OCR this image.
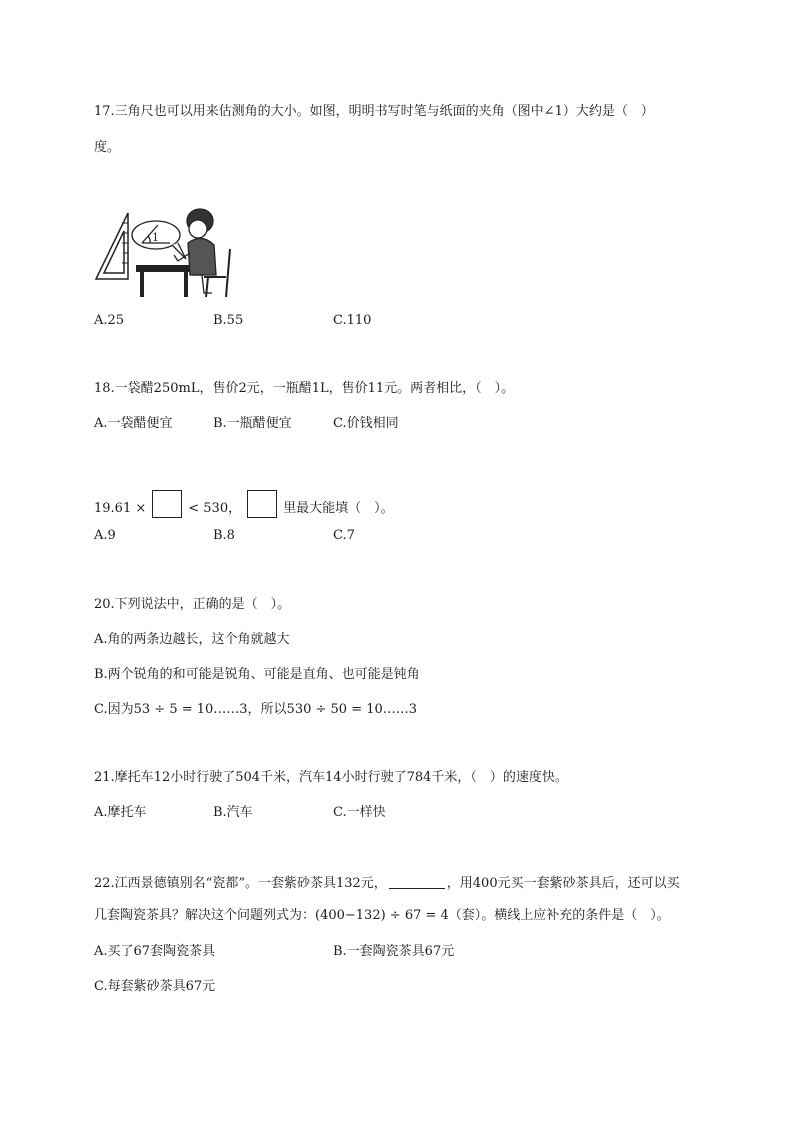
17.三角尺也可以用来估测角的大小。如图，明明书写时笔与纸面的夹角（图中∠1）大约是（　）
度。
1
A.25	B.55	C.110
18.一袋醋250mL，售价2元，一瓶醋1L，售价11元。两者相比，（　）。
A.一袋醋便宜	B.一瓶醋便宜	C.价钱相同
19.61 ×	< 530，	里最大能填（　）。
A.9	B.8	C.7
20.下列说法中，正确的是（　）。
A.角的两条边越长，这个角就越大
B.两个锐角的和可能是锐角、可能是直角、也可能是钝角
C.因为53 ÷ 5 = 10……3，所以530 ÷ 50 = 10……3
21.摩托车12小时行驶了504千米，汽车14小时行驶了784千米，（　）的速度快。
A.摩托车	B.汽车	C.一样快
22.江西景德镇别名“瓷都”。一套紫砂茶具132元，	，用400元买一套紫砂茶具后，还可以买
几套陶瓷茶具？解决这个问题列式为：(400−132) ÷ 67 = 4（套）。横线上应补充的条件是（　）。
A.买了67套陶瓷茶具	B.一套陶瓷茶具67元
C.每套紫砂茶具67元
